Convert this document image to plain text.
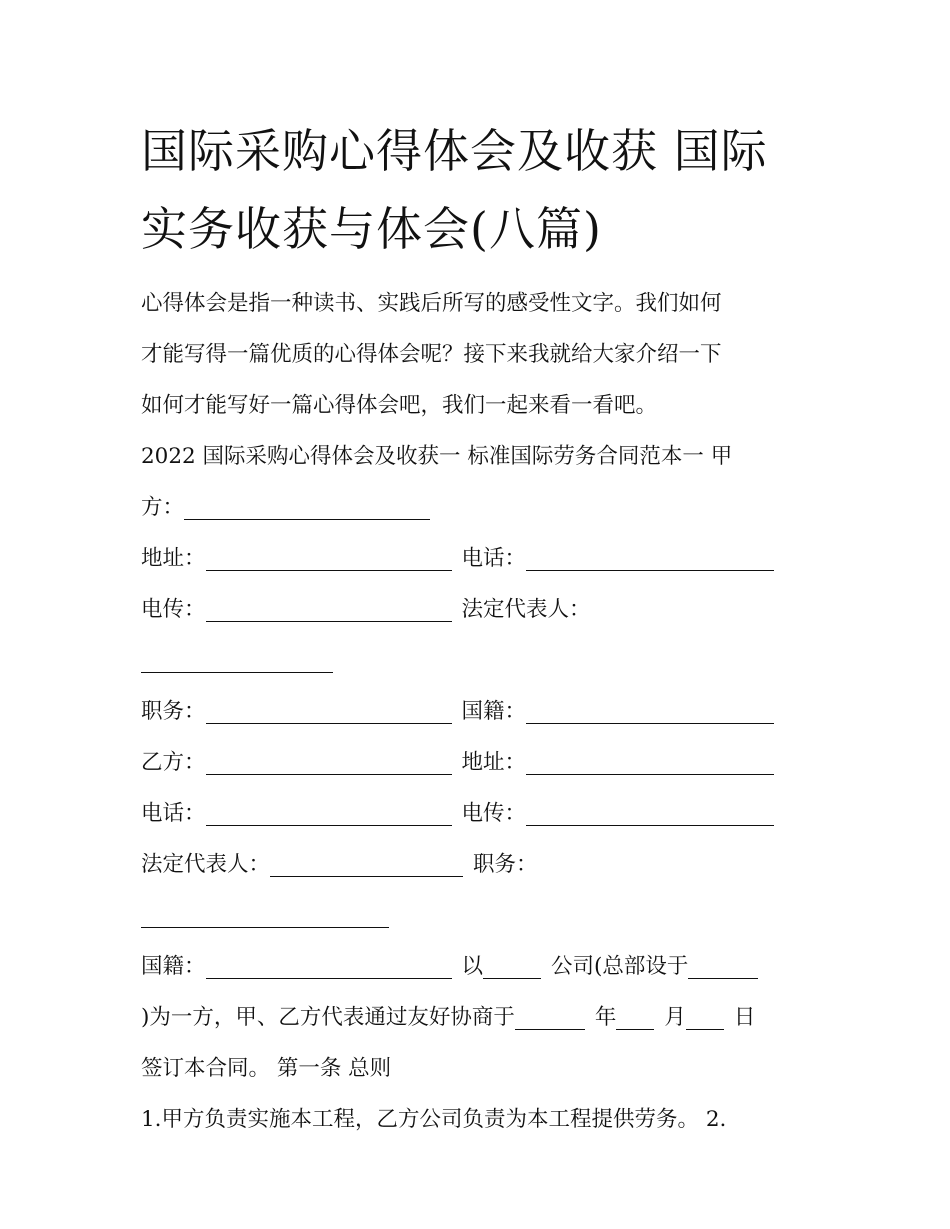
国际采购心得体会及收获 国际
实务收获与体会(八篇)
心得体会是指一种读书、实践后所写的感受性文字。我们如何
才能写得一篇优质的心得体会呢？接下来我就给大家介绍一下
如何才能写好一篇心得体会吧，我们一起来看一看吧。
2022 国际采购心得体会及收获一 标准国际劳务合同范本一 甲
方：
地址：	电话：
电传：	法定代表人：
职务：	国籍：
乙方：	地址：
电话：	电传：
法定代表人：	职务：
国籍：	以	公司(总部设于
)为一方，甲、乙方代表通过友好协商于	年 月 日
签订本合同。 第一条 总则
1.甲方负责实施本工程，乙方公司负责为本工程提供劳务。 2.
